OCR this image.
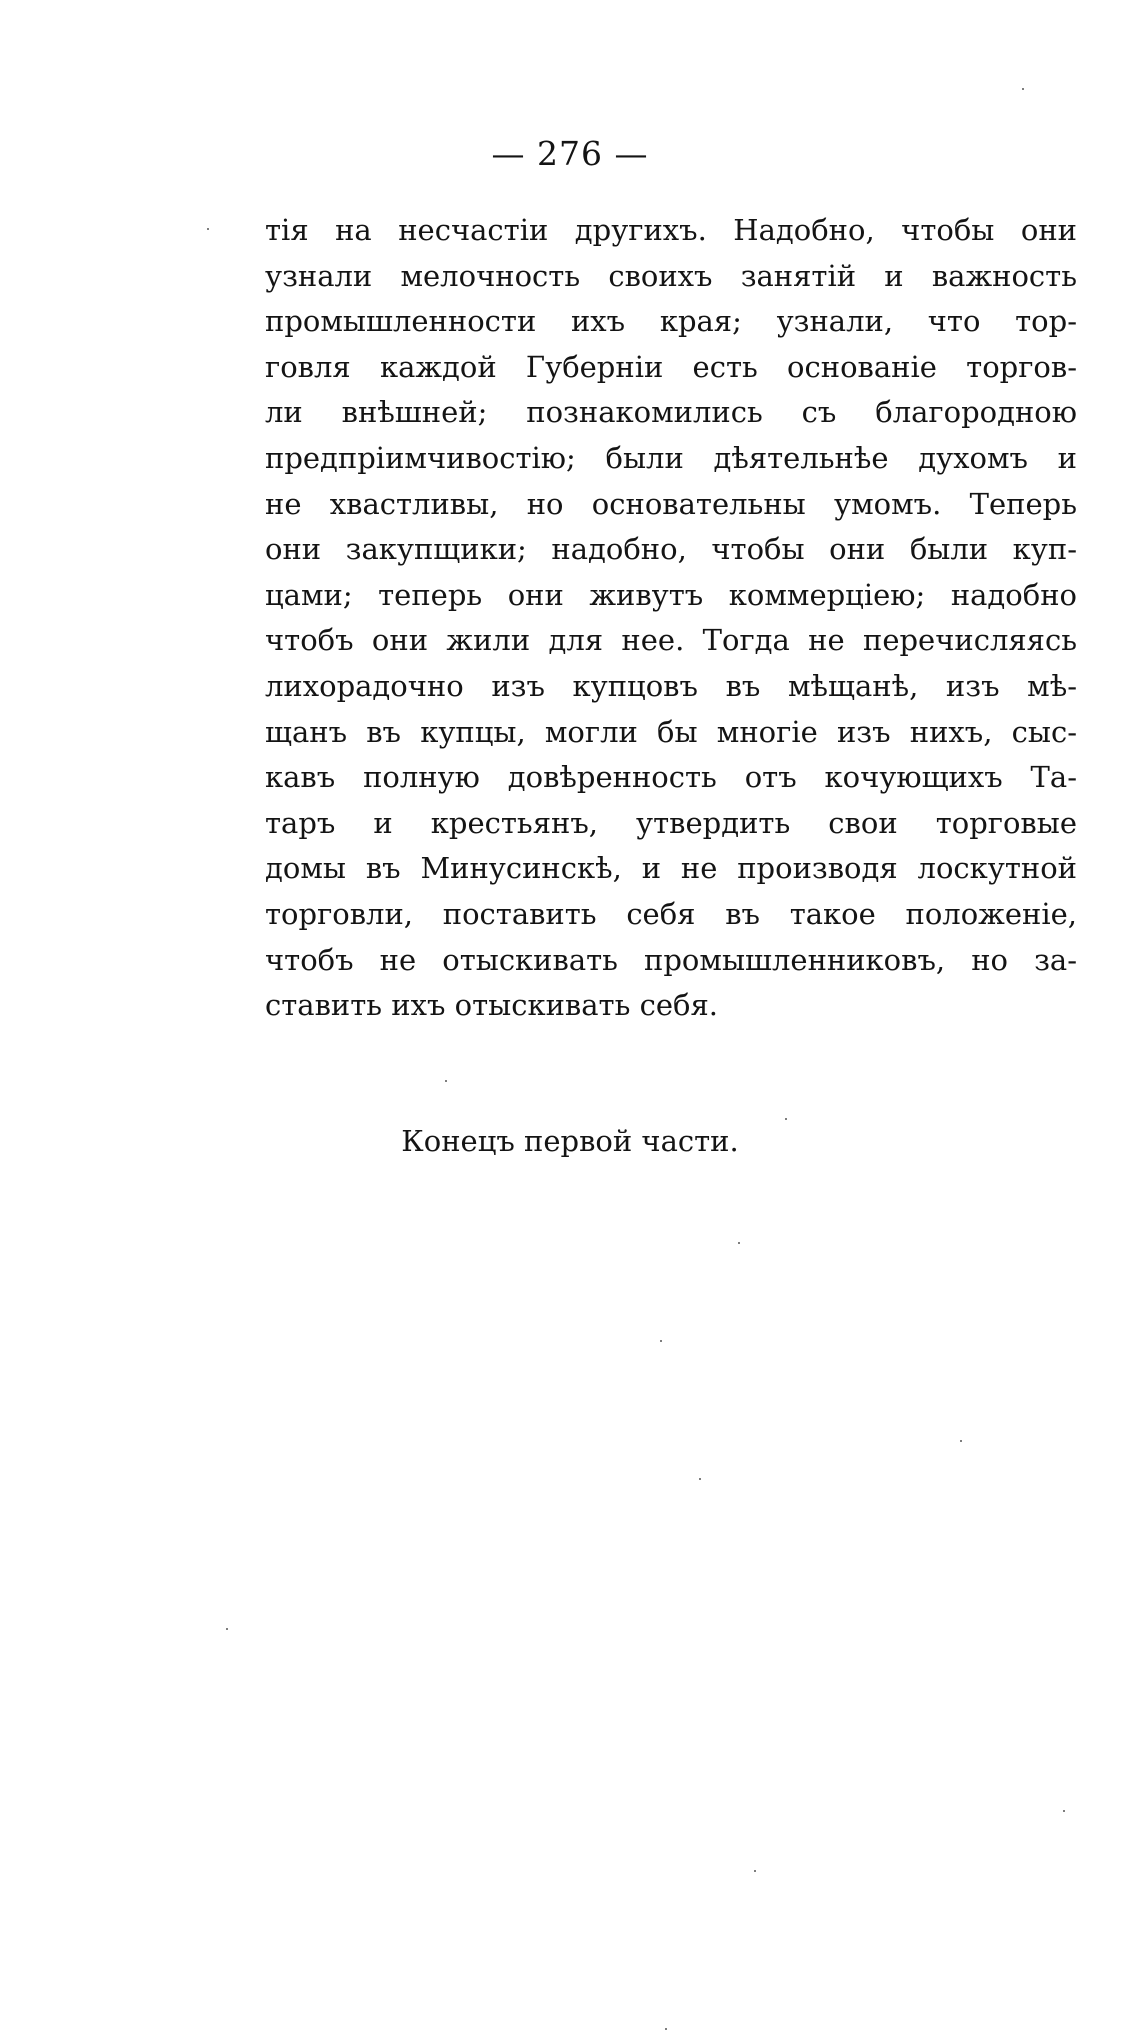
— 276 —
тія на несчастіи другихъ. Надобно, чтобы они
узнали мелочность своихъ занятій и важность
промышленности ихъ края; узнали, что тор-
говля каждой Губерніи есть основаніе торгов-
ли внѣшней; познакомились съ благородною
предпріимчивостію; были дѣятельнѣе духомъ и
не хвастливы, но основательны умомъ. Теперь
они закупщики; надобно, чтобы они были куп-
цами; теперь они живутъ коммерціею; надобно
чтобъ они жили для нее. Тогда не перечисляясь
лихорадочно изъ купцовъ въ мѣщанѣ, изъ мѣ-
щанъ въ купцы, могли бы многіе изъ нихъ, сыс-
кавъ полную довѣренность отъ кочующихъ Та-
таръ и крестьянъ, утвердить свои торговые
домы въ Минусинскѣ, и не производя лоскутной
торговли, поставить себя въ такое положеніе,
чтобъ не отыскивать промышленниковъ, но за-
ставить ихъ отыскивать себя.
Конецъ первой части.
